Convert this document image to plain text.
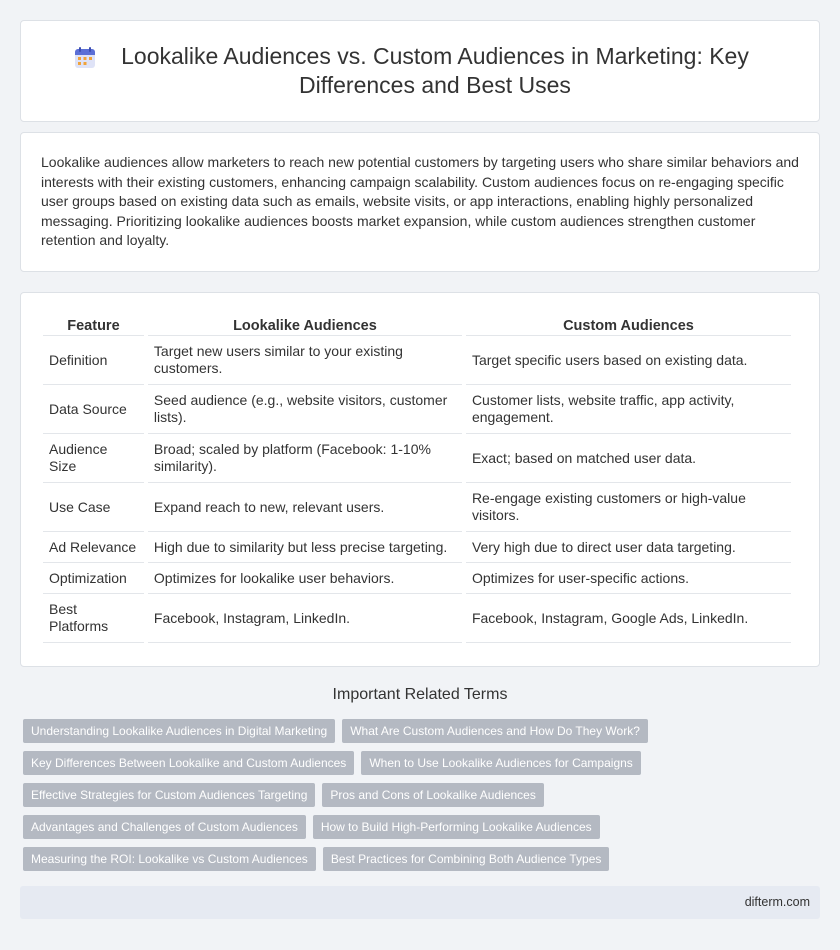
Lookalike Audiences vs. Custom Audiences in Marketing: Key Differences and Best Uses

Lookalike audiences allow marketers to reach new potential customers by targeting users who share similar behaviors and interests with their existing customers, enhancing campaign scalability. Custom audiences focus on re-engaging specific user groups based on existing data such as emails, website visits, or app interactions, enabling highly personalized messaging. Prioritizing lookalike audiences boosts market expansion, while custom audiences strengthen customer retention and loyalty.

Feature	Lookalike Audiences	Custom Audiences
Definition	Target new users similar to your existing customers.	Target specific users based on existing data.
Data Source	Seed audience (e.g., website visitors, customer lists).	Customer lists, website traffic, app activity, engagement.
Audience Size	Broad; scaled by platform (Facebook: 1-10% similarity).	Exact; based on matched user data.
Use Case	Expand reach to new, relevant users.	Re-engage existing customers or high-value visitors.
Ad Relevance	High due to similarity but less precise targeting.	Very high due to direct user data targeting.
Optimization	Optimizes for lookalike user behaviors.	Optimizes for user-specific actions.
Best Platforms	Facebook, Instagram, LinkedIn.	Facebook, Instagram, Google Ads, LinkedIn.
Important Related Terms
Understanding Lookalike Audiences in Digital Marketing	What Are Custom Audiences and How Do They Work?
Key Differences Between Lookalike and Custom Audiences	When to Use Lookalike Audiences for Campaigns
Effective Strategies for Custom Audiences Targeting	Pros and Cons of Lookalike Audiences
Advantages and Challenges of Custom Audiences	How to Build High-Performing Lookalike Audiences
Measuring the ROI: Lookalike vs Custom Audiences	Best Practices for Combining Both Audience Types
difterm.com
